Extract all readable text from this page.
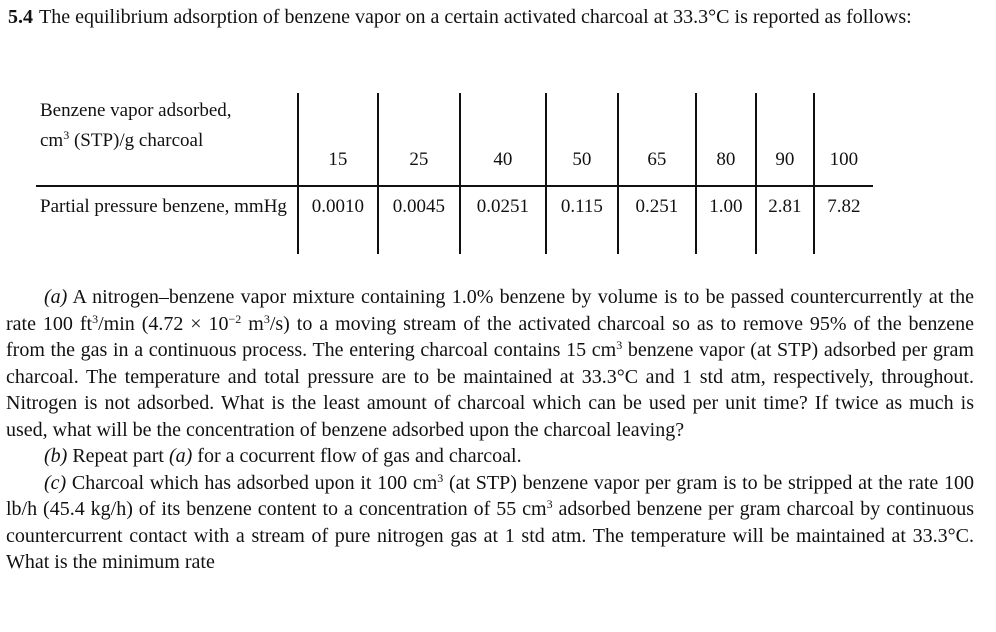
5.4 The equilibrium adsorption of benzene vapor on a certain activated charcoal at 33.3°C is reported as follows:
Benzene vapor adsorbed,
$cm^3$ (STP)/g charcoal	15	25	40	50	65	80	90	100
Partial pressure benzene, mmHg	0.0010	0.0045	0.0251	0.115	0.251	1.00	2.81	7.82

(a) A nitrogen–benzene vapor mixture containing 1.0% benzene by volume is to be passed countercurrently at the rate 100 $ft^3/\min$ ($4.72 \times 10^{-2}$ $m^3/s$) to a moving stream of the activated charcoal so as to remove 95% of the benzene from the gas in a continuous process. The entering charcoal contains 15 $cm^3$ benzene vapor (at STP) adsorbed per gram charcoal. The temperature and total pressure are to be maintained at 33.3°C and 1 std atm, respectively, throughout. Nitrogen is not adsorbed. What is the least amount of charcoal which can be used per unit time? If twice as much is used, what will be the concentration of benzene adsorbed upon the charcoal leaving?

(b) Repeat part (a) for a cocurrent flow of gas and charcoal.

(c) Charcoal which has adsorbed upon it 100 $cm^3$ (at STP) benzene vapor per gram is to be stripped at the rate 100 lb/h (45.4 kg/h) of its benzene content to a concentration of 55 $cm^3$ adsorbed benzene per gram charcoal by continuous countercurrent contact with a stream of pure nitrogen gas at 1 std atm. The temperature will be maintained at 33.3°C. What is the minimum rate
